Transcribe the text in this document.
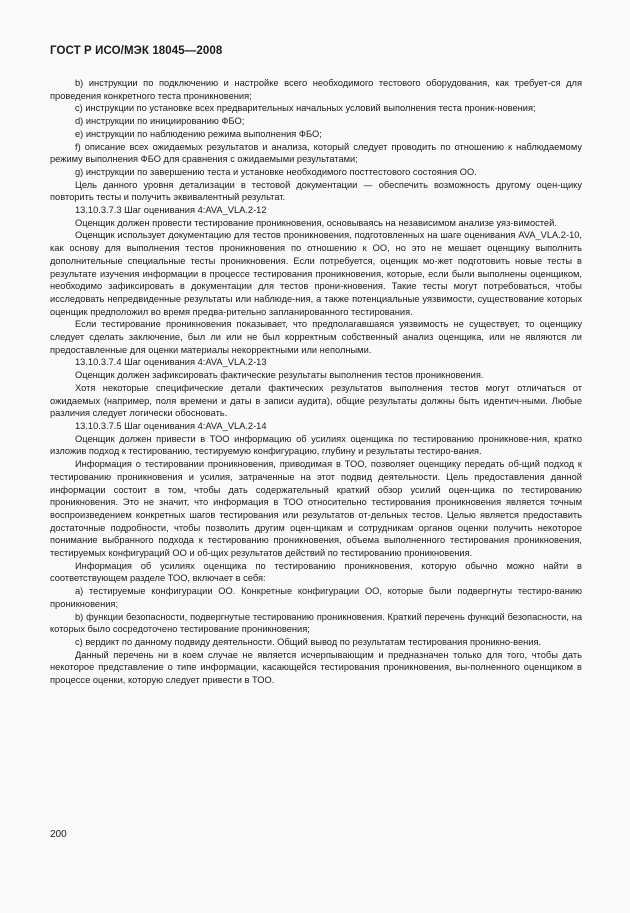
ГОСТ Р ИСО/МЭК 18045—2008

b) инструкции по подключению и настройке всего необходимого тестового оборудования, как требует-ся для проведения конкретного теста проникновения;

c) инструкции по установке всех предварительных начальных условий выполнения теста проник-новения;

d) инструкции по инициированию ФБО;

e) инструкции по наблюдению режима выполнения ФБО;

f) описание всех ожидаемых результатов и анализа, который следует проводить по отношению к наблюдаемому режиму выполнения ФБО для сравнения с ожидаемыми результатами;

g) инструкции по завершению теста и установке необходимого посттестового состояния ОО.

Цель данного уровня детализации в тестовой документации — обеспечить возможность другому оцен-щику повторить тесты и получить эквивалентный результат.

13.10.3.7.3 Шаг оценивания 4:AVA_VLA.2-12

Оценщик должен провести тестирование проникновения, основываясь на независимом анализе уяз-вимостей.

Оценщик использует документацию для тестов проникновения, подготовленных на шаге оценивания AVA_VLA.2-10, как основу для выполнения тестов проникновения по отношению к ОО, но это не мешает оценщику выполнить дополнительные специальные тесты проникновения. Если потребуется, оценщик мо-жет подготовить новые тесты в результате изучения информации в процессе тестирования проникновения, которые, если были выполнены оценщиком, необходимо зафиксировать в документации для тестов прони-кновения. Такие тесты могут потребоваться, чтобы исследовать непредвиденные результаты или наблюде-ния, а также потенциальные уязвимости, существование которых оценщик предположил во время предва-рительно запланированного тестирования.

Если тестирование проникновения показывает, что предполагавшаяся уязвимость не существует, то оценщику следует сделать заключение, был ли или не был корректным собственный анализ оценщика, или не являются ли предоставленные для оценки материалы некорректными или неполными.

13.10.3.7.4 Шаг оценивания 4:AVA_VLA.2-13

Оценщик должен зафиксировать фактические результаты выполнения тестов проникновения.

Хотя некоторые специфические детали фактических результатов выполнения тестов могут отличаться от ожидаемых (например, поля времени и даты в записи аудита), общие результаты должны быть идентич-ными. Любые различия следует логически обосновать.

13.10.3.7.5 Шаг оценивания 4:AVA_VLA.2-14

Оценщик должен привести в ТОО информацию об усилиях оценщика по тестированию проникнове-ния, кратко изложив подход к тестированию, тестируемую конфигурацию, глубину и результаты тестиро-вания.

Информация о тестировании проникновения, приводимая в ТОО, позволяет оценщику передать об-щий подход к тестированию проникновения и усилия, затраченные на этот подвид деятельности. Цель предоставления данной информации состоит в том, чтобы дать содержательный краткий обзор усилий оцен-щика по тестированию проникновения. Это не значит, что информация в ТОО относительно тестирования проникновения является точным воспроизведением конкретных шагов тестирования или результатов от-дельных тестов. Целью является предоставить достаточные подробности, чтобы позволить другим оцен-щикам и сотрудникам органов оценки получить некоторое понимание выбранного подхода к тестированию проникновения, объема выполненного тестирования проникновения, тестируемых конфигураций ОО и об-щих результатов действий по тестированию проникновения.

Информация об усилиях оценщика по тестированию проникновения, которую обычно можно найти в соответствующем разделе ТОО, включает в себя:

a) тестируемые конфигурации ОО. Конкретные конфигурации ОО, которые были подвергнуты тестиро-ванию проникновения;

b) функции безопасности, подвергнутые тестированию проникновения. Краткий перечень функций безопасности, на которых было сосредоточено тестирование проникновения;

c) вердикт по данному подвиду деятельности. Общий вывод по результатам тестирования проникно-вения.

Данный перечень ни в коем случае не является исчерпывающим и предназначен только для того, чтобы дать некоторое представление о типе информации, касающейся тестирования проникновения, вы-полненного оценщиком в процессе оценки, которую следует привести в ТОО.

200
